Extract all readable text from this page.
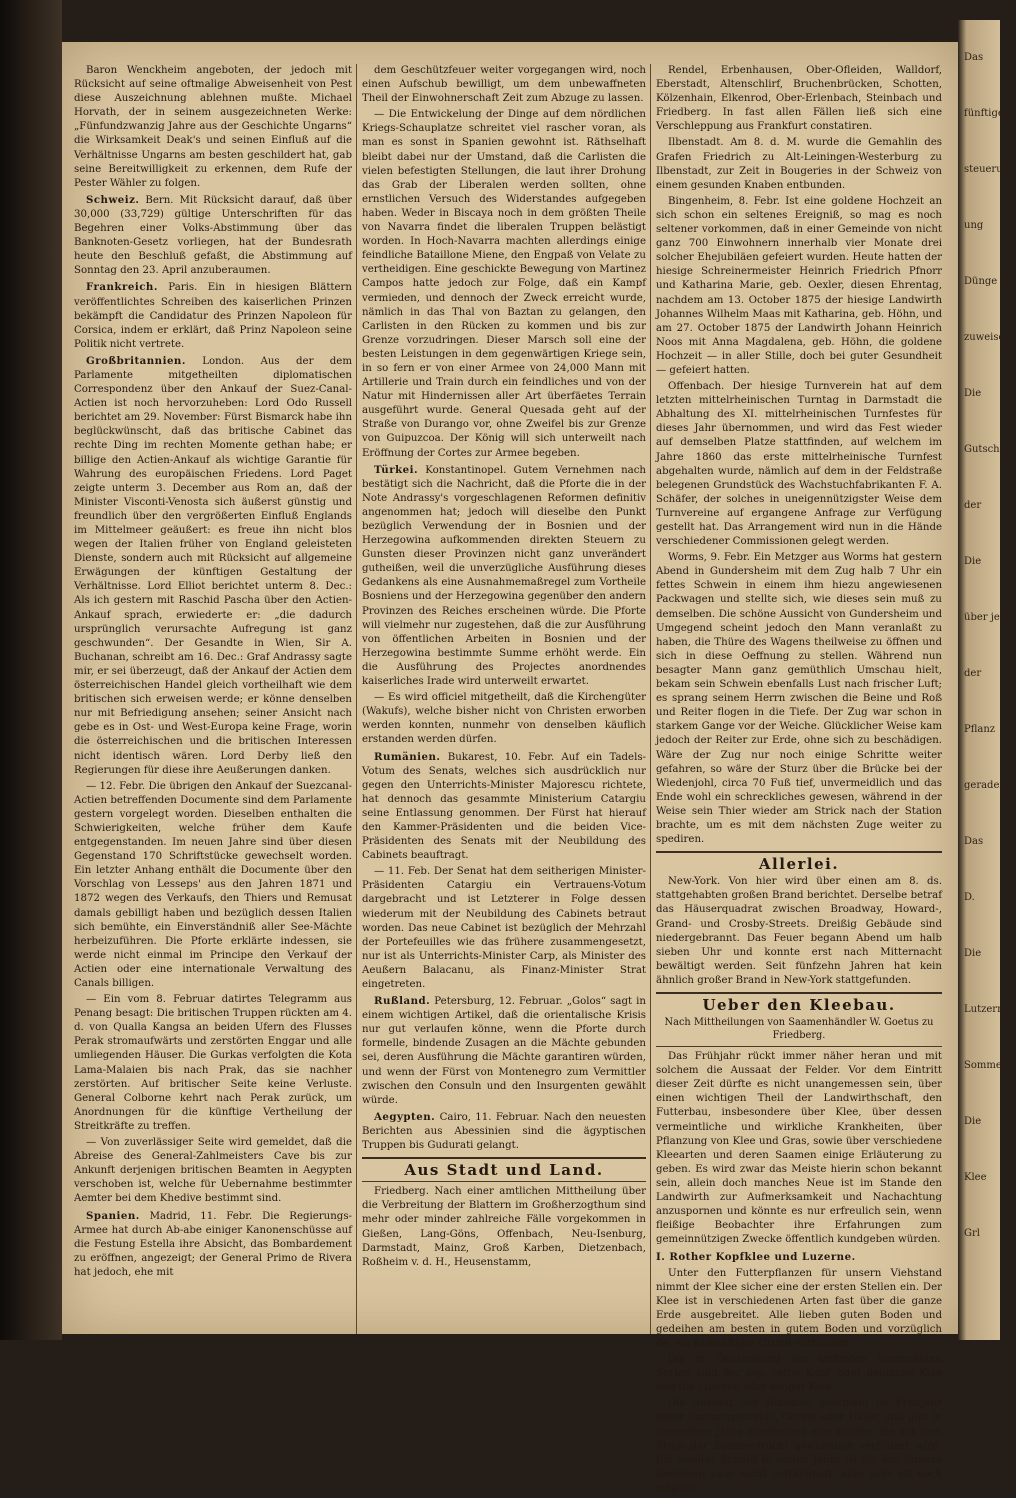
Baron Wenckheim angeboten, der jedoch mit Rücksicht auf seine oftmalige Abweisenheit von Pest diese Auszeichnung ablehnen mußte. Michael Horvath, der in seinem ausgezeichneten Werke: „Fünfundzwanzig Jahre aus der Geschichte Ungarns“ die Wirksamkeit Deak's und seinen Einfluß auf die Verhältnisse Ungarns am besten geschildert hat, gab seine Bereitwilligkeit zu erkennen, dem Rufe der Pester Wähler zu folgen.

Schweiz. Bern. Mit Rücksicht darauf, daß über 30,000 (33,729) gültige Unterschriften für das Begehren einer Volks-Abstimmung über das Banknoten-Gesetz vorliegen, hat der Bundesrath heute den Beschluß gefaßt, die Abstimmung auf Sonntag den 23. April anzuberaumen.

Frankreich. Paris. Ein in hiesigen Blättern veröffentlichtes Schreiben des kaiserlichen Prinzen bekämpft die Candidatur des Prinzen Napoleon für Corsica, indem er erklärt, daß Prinz Napoleon seine Politik nicht vertrete.

Großbritannien. London. Aus der dem Parlamente mitgetheilten diplomatischen Correspondenz über den Ankauf der Suez-Canal-Actien ist noch hervorzuheben: Lord Odo Russell berichtet am 29. November: Fürst Bismarck habe ihn beglückwünscht, daß das britische Cabinet das rechte Ding im rechten Momente gethan habe; er billige den Actien-Ankauf als wichtige Garantie für Wahrung des europäischen Friedens. Lord Paget zeigte unterm 3. December aus Rom an, daß der Minister Visconti-Venosta sich äußerst günstig und freundlich über den vergrößerten Einfluß Englands im Mittelmeer geäußert: es freue ihn nicht blos wegen der Italien früher von England geleisteten Dienste, sondern auch mit Rücksicht auf allgemeine Erwägungen der künftigen Gestaltung der Verhältnisse. Lord Elliot berichtet unterm 8. Dec.: Als ich gestern mit Raschid Pascha über den Actien-Ankauf sprach, erwiederte er: „die dadurch ursprünglich verursachte Aufregung ist ganz geschwunden“. Der Gesandte in Wien, Sir A. Buchanan, schreibt am 16. Dec.: Graf Andrassy sagte mir, er sei überzeugt, daß der Ankauf der Actien dem österreichischen Handel gleich vortheilhaft wie dem britischen sich erweisen werde; er könne denselben nur mit Befriedigung ansehen; seiner Ansicht nach gebe es in Ost- und West-Europa keine Frage, worin die österreichischen und die britischen Interessen nicht identisch wären. Lord Derby ließ den Regierungen für diese ihre Aeußerungen danken.

— 12. Febr. Die übrigen den Ankauf der Suezcanal-Actien betreffenden Documente sind dem Parlamente gestern vorgelegt worden. Dieselben enthalten die Schwierigkeiten, welche früher dem Kaufe entgegenstanden. Im neuen Jahre sind über diesen Gegenstand 170 Schriftstücke gewechselt worden. Ein letzter Anhang enthält die Documente über den Vorschlag von Lesseps' aus den Jahren 1871 und 1872 wegen des Verkaufs, den Thiers und Remusat damals gebilligt haben und bezüglich dessen Italien sich bemühte, ein Einverständniß aller See-Mächte herbeizuführen. Die Pforte erklärte indessen, sie werde nicht einmal im Principe den Verkauf der Actien oder eine internationale Verwaltung des Canals billigen.

— Ein vom 8. Februar datirtes Telegramm aus Penang besagt: Die britischen Truppen rückten am 4. d. von Qualla Kangsa an beiden Ufern des Flusses Perak stromaufwärts und zerstörten Enggar und alle umliegenden Häuser. Die Gurkas verfolgten die Kota Lama-Malaien bis nach Prak, das sie nachher zerstörten. Auf britischer Seite keine Verluste. General Colborne kehrt nach Perak zurück, um Anordnungen für die künftige Vertheilung der Streitkräfte zu treffen.

— Von zuverlässiger Seite wird gemeldet, daß die Abreise des General-Zahlmeisters Cave bis zur Ankunft derjenigen britischen Beamten in Aegypten verschoben ist, welche für Uebernahme bestimmter Aemter bei dem Khedive bestimmt sind.

Spanien. Madrid, 11. Febr. Die Regierungs-Armee hat durch Ab-abe einiger Kanonenschüsse auf die Festung Estella ihre Absicht, das Bombardement zu eröffnen, angezeigt; der General Primo de Rivera hat jedoch, ehe mit

dem Geschützfeuer weiter vorgegangen wird, noch einen Aufschub bewilligt, um dem unbewaffneten Theil der Einwohnerschaft Zeit zum Abzuge zu lassen.

— Die Entwickelung der Dinge auf dem nördlichen Kriegs-Schauplatze schreitet viel rascher voran, als man es sonst in Spanien gewohnt ist. Räthselhaft bleibt dabei nur der Umstand, daß die Carlisten die vielen befestigten Stellungen, die laut ihrer Drohung das Grab der Liberalen werden sollten, ohne ernstlichen Versuch des Widerstandes aufgegeben haben. Weder in Biscaya noch in dem größten Theile von Navarra findet die liberalen Truppen belästigt worden. In Hoch-Navarra machten allerdings einige feindliche Bataillone Miene, den Engpaß von Velate zu vertheidigen. Eine geschickte Bewegung von Martinez Campos hatte jedoch zur Folge, daß ein Kampf vermieden, und dennoch der Zweck erreicht wurde, nämlich in das Thal von Baztan zu gelangen, den Carlisten in den Rücken zu kommen und bis zur Grenze vorzudringen. Dieser Marsch soll eine der besten Leistungen in dem gegenwärtigen Kriege sein, in so fern er von einer Armee von 24,000 Mann mit Artillerie und Train durch ein feindliches und von der Natur mit Hindernissen aller Art überfäetes Terrain ausgeführt wurde. General Quesada geht auf der Straße von Durango vor, ohne Zweifel bis zur Grenze von Guipuzcoa. Der König will sich unterweilt nach Eröffnung der Cortes zur Armee begeben.

Türkei. Konstantinopel. Gutem Vernehmen nach bestätigt sich die Nachricht, daß die Pforte die in der Note Andrassy's vorgeschlagenen Reformen definitiv angenommen hat; jedoch will dieselbe den Punkt bezüglich Verwendung der in Bosnien und der Herzegowina aufkommenden direkten Steuern zu Gunsten dieser Provinzen nicht ganz unverändert gutheißen, weil die unverzügliche Ausführung dieses Gedankens als eine Ausnahmemaßregel zum Vortheile Bosniens und der Herzegowina gegenüber den andern Provinzen des Reiches erscheinen würde. Die Pforte will vielmehr nur zugestehen, daß die zur Ausführung von öffentlichen Arbeiten in Bosnien und der Herzegowina bestimmte Summe erhöht werde. Ein die Ausführung des Projectes anordnendes kaiserliches Irade wird unterweilt erwartet.

— Es wird officiel mitgetheilt, daß die Kirchengüter (Wakufs), welche bisher nicht von Christen erworben werden konnten, nunmehr von denselben käuflich erstanden werden dürfen.

Rumänien. Bukarest, 10. Febr. Auf ein Tadels-Votum des Senats, welches sich ausdrücklich nur gegen den Unterrichts-Minister Majorescu richtete, hat dennoch das gesammte Ministerium Catargiu seine Entlassung genommen. Der Fürst hat hierauf den Kammer-Präsidenten und die beiden Vice-Präsidenten des Senats mit der Neubildung des Cabinets beauftragt.

— 11. Feb. Der Senat hat dem seitherigen Minister-Präsidenten Catargiu ein Vertrauens-Votum dargebracht und ist Letzterer in Folge dessen wiederum mit der Neubildung des Cabinets betraut worden. Das neue Cabinet ist bezüglich der Mehrzahl der Portefeuilles wie das frühere zusammengesetzt, nur ist als Unterrichts-Minister Carp, als Minister des Aeußern Balacanu, als Finanz-Minister Strat eingetreten.

Rußland. Petersburg, 12. Februar. „Golos“ sagt in einem wichtigen Artikel, daß die orientalische Krisis nur gut verlaufen könne, wenn die Pforte durch formelle, bindende Zusagen an die Mächte gebunden sei, deren Ausführung die Mächte garantiren würden, und wenn der Fürst von Montenegro zum Vermittler zwischen den Consuln und den Insurgenten gewählt würde.

Aegypten. Cairo, 11. Februar. Nach den neuesten Berichten aus Abessinien sind die ägyptischen Truppen bis Gudurati gelangt.

Aus Stadt und Land.

Friedberg. Nach einer amtlichen Mittheilung über die Verbreitung der Blattern im Großherzogthum sind mehr oder minder zahlreiche Fälle vorgekommen in Gießen, Lang-Göns, Offenbach, Neu-Isenburg, Darmstadt, Mainz, Groß Karben, Dietzenbach, Roßheim v. d. H., Heusenstamm,

Rendel, Erbenhausen, Ober-Ofleiden, Walldorf, Eberstadt, Altenschlirf, Bruchenbrücken, Schotten, Kölzenhain, Elkenrod, Ober-Erlenbach, Steinbach und Friedberg. In fast allen Fällen ließ sich eine Verschleppung aus Frankfurt constatiren.

Ilbenstadt. Am 8. d. M. wurde die Gemahlin des Grafen Friedrich zu Alt-Leiningen-Westerburg zu Ilbenstadt, zur Zeit in Bougeries in der Schweiz von einem gesunden Knaben entbunden.

Bingenheim, 8. Febr. Ist eine goldene Hochzeit an sich schon ein seltenes Ereigniß, so mag es noch seltener vorkommen, daß in einer Gemeinde von nicht ganz 700 Einwohnern innerhalb vier Monate drei solcher Ehejubiläen gefeiert wurden. Heute hatten der hiesige Schreinermeister Heinrich Friedrich Pfnorr und Katharina Marie, geb. Oexler, diesen Ehrentag, nachdem am 13. October 1875 der hiesige Landwirth Johannes Wilhelm Maas mit Katharina, geb. Höhn, und am 27. October 1875 der Landwirth Johann Heinrich Noos mit Anna Magdalena, geb. Höhn, die goldene Hochzeit — in aller Stille, doch bei guter Gesundheit — gefeiert hatten.

Offenbach. Der hiesige Turnverein hat auf dem letzten mittelrheinischen Turntag in Darmstadt die Abhaltung des XI. mittelrheinischen Turnfestes für dieses Jahr übernommen, und wird das Fest wieder auf demselben Platze stattfinden, auf welchem im Jahre 1860 das erste mittelrheinische Turnfest abgehalten wurde, nämlich auf dem in der Feldstraße belegenen Grundstück des Wachstuchfabrikanten F. A. Schäfer, der solches in uneigennützigster Weise dem Turnvereine auf ergangene Anfrage zur Verfügung gestellt hat. Das Arrangement wird nun in die Hände verschiedener Commissionen gelegt werden.

Worms, 9. Febr. Ein Metzger aus Worms hat gestern Abend in Gundersheim mit dem Zug halb 7 Uhr ein fettes Schwein in einem ihm hiezu angewiesenen Packwagen und stellte sich, wie dieses sein muß zu demselben. Die schöne Aussicht von Gundersheim und Umgegend scheint jedoch den Mann veranlaßt zu haben, die Thüre des Wagens theilweise zu öffnen und sich in diese Oeffnung zu stellen. Während nun besagter Mann ganz gemüthlich Umschau hielt, bekam sein Schwein ebenfalls Lust nach frischer Luft; es sprang seinem Herrn zwischen die Beine und Roß und Reiter flogen in die Tiefe. Der Zug war schon in starkem Gange vor der Weiche. Glücklicher Weise kam jedoch der Reiter zur Erde, ohne sich zu beschädigen. Wäre der Zug nur noch einige Schritte weiter gefahren, so wäre der Sturz über die Brücke bei der Wiedenjohl, circa 70 Fuß tief, unvermeidlich und das Ende wohl ein schreckliches gewesen, während in der Weise sein Thier wieder am Strick nach der Station brachte, um es mit dem nächsten Zuge weiter zu spediren.

Allerlei.

New-York. Von hier wird über einen am 8. ds. stattgehabten großen Brand berichtet. Derselbe betraf das Häuserquadrat zwischen Broadway, Howard-, Grand- und Crosby-Streets. Dreißig Gebäude sind niedergebrannt. Das Feuer begann Abend um halb sieben Uhr und konnte erst nach Mitternacht bewältigt werden. Seit fünfzehn Jahren hat kein ähnlich großer Brand in New-York stattgefunden.

Ueber den Kleebau.
Nach Mittheilungen von Saamenhändler W. Goetus zu Friedberg.

Das Frühjahr rückt immer näher heran und mit solchem die Aussaat der Felder. Vor dem Eintritt dieser Zeit dürfte es nicht unangemessen sein, über einen wichtigen Theil der Landwirthschaft, den Futterbau, insbesondere über Klee, über dessen vermeintliche und wirkliche Krankheiten, über Pflanzung von Klee und Gras, sowie über verschiedene Kleearten und deren Saamen einige Erläuterung zu geben. Es wird zwar das Meiste hierin schon bekannt sein, allein doch manches Neue ist im Stande den Landwirth zur Aufmerksamkeit und Nachachtung anzuspornen und könnte es nur erfreulich sein, wenn fleißige Beobachter ihre Erfahrungen zum gemeinnützigen Zwecke öffentlich kundgeben würden.

I. Rother Kopfklee und Luzerne.

Unter den Futterpflanzen für unsern Viehstand nimmt der Klee sicher eine der ersten Stellen ein. Der Klee ist in verschiedenen Arten fast über die ganze Erde ausgebreitet. Alle lieben guten Boden und gedeihen am besten in gutem Boden und vorzüglich da, wo kalkhaltiger Grund vorhanden.

Die in Deutschland am weitesten verbreiteten Sorten sind der sog. rothe Kopf- oder deutsche Klee und die Luzerne oder ewiger Klee.

Die Aussaat von Rothklee geschieht im Frühjahr unter Sommergetreide, Gerste oder Hafer, und gibt in demselben Jahre mindestens eine Erndte, die mit dem Stroh der Sommerfrucht gewöhnlich verfüttert wird. Ein zweiter Schnitt in ersten Jahre ist für das fernere Gedeihen zwar nicht vortheilhaft, aber sehr oft noch möglich.

Das
fünftiger
steuerung
ung
Dünge
zuweisen,
Die
Gutsche
der
Die
über jede
der
Pflanz
geraden
Das
D.
Die
Lutzerne
Sommer
Die
Klee
Grl
